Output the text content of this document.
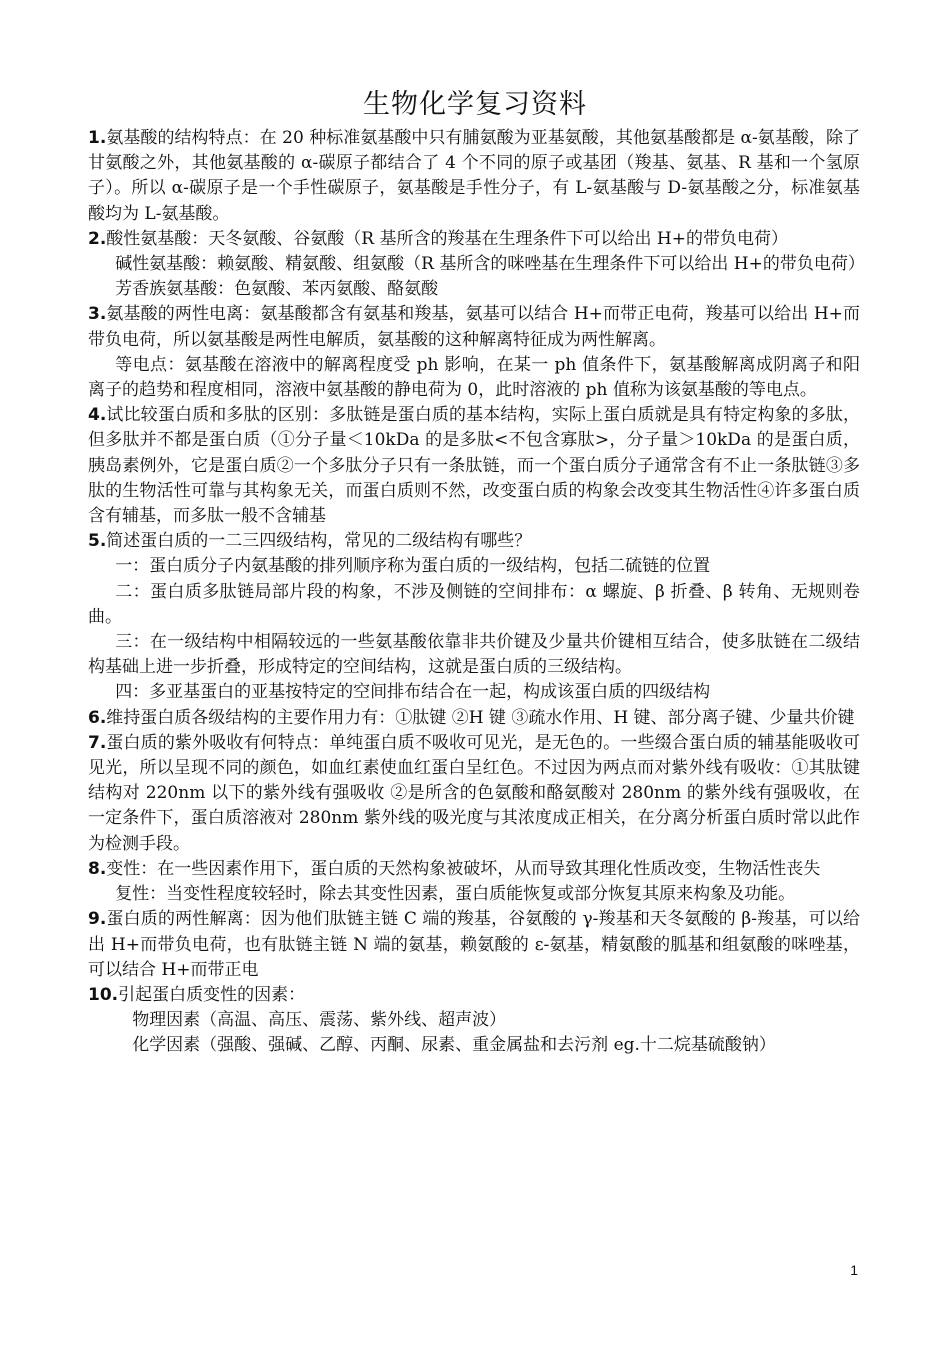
生物化学复习资料

1.氨基酸的结构特点：在 20 种标准氨基酸中只有脯氨酸为亚基氨酸，其他氨基酸都是 α-氨基酸，除了甘氨酸之外，其他氨基酸的 α-碳原子都结合了 4 个不同的原子或基团（羧基、氨基、R 基和一个氢原子）。所以 α-碳原子是一个手性碳原子，氨基酸是手性分子，有 L-氨基酸与 D-氨基酸之分，标准氨基酸均为 L-氨基酸。

2.酸性氨基酸：天冬氨酸、谷氨酸（R 基所含的羧基在生理条件下可以给出 H+的带负电荷）

碱性氨基酸：赖氨酸、精氨酸、组氨酸（R 基所含的咪唑基在生理条件下可以给出 H+的带负电荷）

芳香族氨基酸：色氨酸、苯丙氨酸、酪氨酸

3.氨基酸的两性电离：氨基酸都含有氨基和羧基，氨基可以结合 H+而带正电荷，羧基可以给出 H+而带负电荷，所以氨基酸是两性电解质，氨基酸的这种解离特征成为两性解离。

等电点：氨基酸在溶液中的解离程度受 ph 影响，在某一 ph 值条件下，氨基酸解离成阴离子和阳离子的趋势和程度相同，溶液中氨基酸的静电荷为 0，此时溶液的 ph 值称为该氨基酸的等电点。

4.试比较蛋白质和多肽的区别：多肽链是蛋白质的基本结构，实际上蛋白质就是具有特定构象的多肽，但多肽并不都是蛋白质（①分子量＜10kDa 的是多肽<不包含寡肽>，分子量＞10kDa 的是蛋白质，胰岛素例外，它是蛋白质②一个多肽分子只有一条肽链，而一个蛋白质分子通常含有不止一条肽链③多肽的生物活性可靠与其构象无关，而蛋白质则不然，改变蛋白质的构象会改变其生物活性④许多蛋白质含有辅基，而多肽一般不含辅基

5.简述蛋白质的一二三四级结构，常见的二级结构有哪些？

一：蛋白质分子内氨基酸的排列顺序称为蛋白质的一级结构，包括二硫链的位置

二：蛋白质多肽链局部片段的构象，不涉及侧链的空间排布：α 螺旋、β 折叠、β 转角、无规则卷曲。

三：在一级结构中相隔较远的一些氨基酸依靠非共价键及少量共价键相互结合，使多肽链在二级结构基础上进一步折叠，形成特定的空间结构，这就是蛋白质的三级结构。

四：多亚基蛋白的亚基按特定的空间排布结合在一起，构成该蛋白质的四级结构

6.维持蛋白质各级结构的主要作用力有：①肽键 ②H 键 ③疏水作用、H 键、部分离子键、少量共价键

7.蛋白质的紫外吸收有何特点：单纯蛋白质不吸收可见光，是无色的。一些缀合蛋白质的辅基能吸收可见光，所以呈现不同的颜色，如血红素使血红蛋白呈红色。不过因为两点而对紫外线有吸收：①其肽键结构对 220nm 以下的紫外线有强吸收 ②是所含的色氨酸和酪氨酸对 280nm 的紫外线有强吸收，在一定条件下，蛋白质溶液对 280nm 紫外线的吸光度与其浓度成正相关，在分离分析蛋白质时常以此作为检测手段。

8.变性：在一些因素作用下，蛋白质的天然构象被破坏，从而导致其理化性质改变，生物活性丧失

复性：当变性程度较轻时，除去其变性因素，蛋白质能恢复或部分恢复其原来构象及功能。

9.蛋白质的两性解离：因为他们肽链主链 C 端的羧基，谷氨酸的 γ-羧基和天冬氨酸的 β-羧基，可以给出 H+而带负电荷，也有肽链主链 N 端的氨基，赖氨酸的 ε-氨基，精氨酸的胍基和组氨酸的咪唑基，可以结合 H+而带正电

10.引起蛋白质变性的因素：

物理因素（高温、高压、震荡、紫外线、超声波）

化学因素（强酸、强碱、乙醇、丙酮、尿素、重金属盐和去污剂 eg.十二烷基硫酸钠）

1
